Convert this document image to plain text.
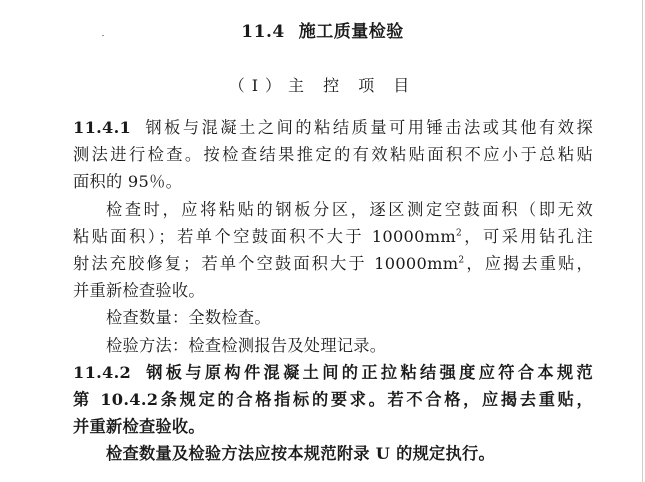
11.4 施工质量检验
（Ⅰ）主 控 项 目
11.4.1 钢板与混凝土之间的粘结质量可用锤击法或其他有效探
测法进行检查。按检查结果推定的有效粘贴面积不应小于总粘贴
面积的 95％。
检查时，应将粘贴的钢板分区，逐区测定空鼓面积（即无效
粘贴面积）；若单个空鼓面积不大于 $10000mm^2$，可采用钻孔注
射法充胶修复；若单个空鼓面积大于 $10000mm^2$，应揭去重贴，
并重新检查验收。
检查数量：全数检查。
检验方法：检查检测报告及处理记录。
11.4.2 钢板与原构件混凝土间的正拉粘结强度应符合本规范
第 10.4.2条规定的合格指标的要求。若不合格，应揭去重贴，
并重新检查验收。
检查数量及检验方法应按本规范附录 U 的规定执行。
